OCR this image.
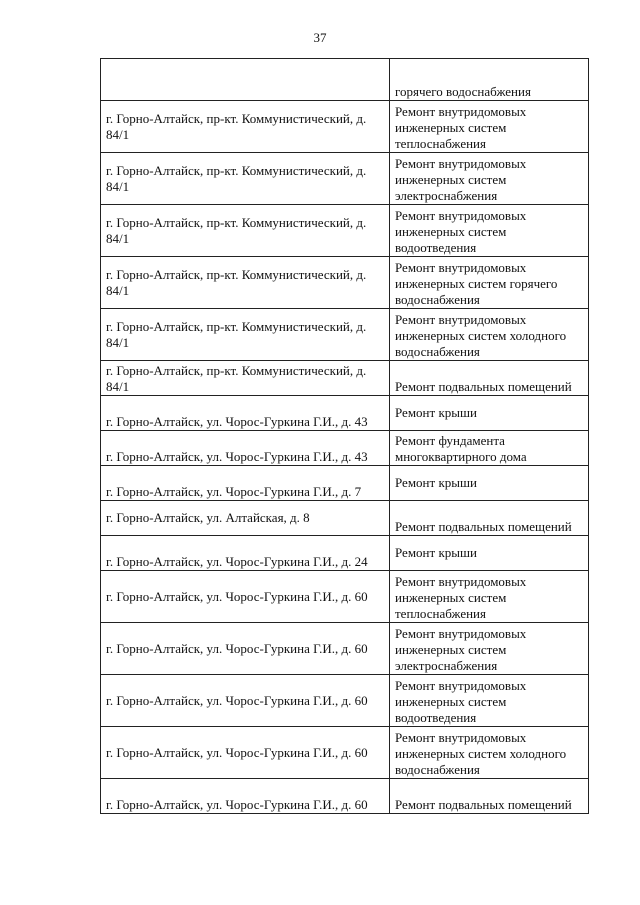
37
	горячего водоснабжения
г. Горно-Алтайск, пр-кт. Коммунистический, д. 84/1	Ремонт внутридомовых инженерных систем теплоснабжения
г. Горно-Алтайск, пр-кт. Коммунистический, д. 84/1	Ремонт внутридомовых инженерных систем электроснабжения
г. Горно-Алтайск, пр-кт. Коммунистический, д. 84/1	Ремонт внутридомовых инженерных систем водоотведения
г. Горно-Алтайск, пр-кт. Коммунистический, д. 84/1	Ремонт внутридомовых инженерных систем горячего водоснабжения
г. Горно-Алтайск, пр-кт. Коммунистический, д. 84/1	Ремонт внутридомовых инженерных систем холодного водоснабжения
г. Горно-Алтайск, пр-кт. Коммунистический, д. 84/1	Ремонт подвальных помещений
г. Горно-Алтайск, ул. Чорос-Гуркина Г.И., д. 43	Ремонт крыши
г. Горно-Алтайск, ул. Чорос-Гуркина Г.И., д. 43	Ремонт фундамента многоквартирного дома
г. Горно-Алтайск, ул. Чорос-Гуркина Г.И., д. 7	Ремонт крыши
г. Горно-Алтайск, ул. Алтайская, д. 8	Ремонт подвальных помещений
г. Горно-Алтайск, ул. Чорос-Гуркина Г.И., д. 24	Ремонт крыши
г. Горно-Алтайск, ул. Чорос-Гуркина Г.И., д. 60	Ремонт внутридомовых инженерных систем теплоснабжения
г. Горно-Алтайск, ул. Чорос-Гуркина Г.И., д. 60	Ремонт внутридомовых инженерных систем электроснабжения
г. Горно-Алтайск, ул. Чорос-Гуркина Г.И., д. 60	Ремонт внутридомовых инженерных систем водоотведения
г. Горно-Алтайск, ул. Чорос-Гуркина Г.И., д. 60	Ремонт внутридомовых инженерных систем холодного водоснабжения
г. Горно-Алтайск, ул. Чорос-Гуркина Г.И., д. 60	Ремонт подвальных помещений
